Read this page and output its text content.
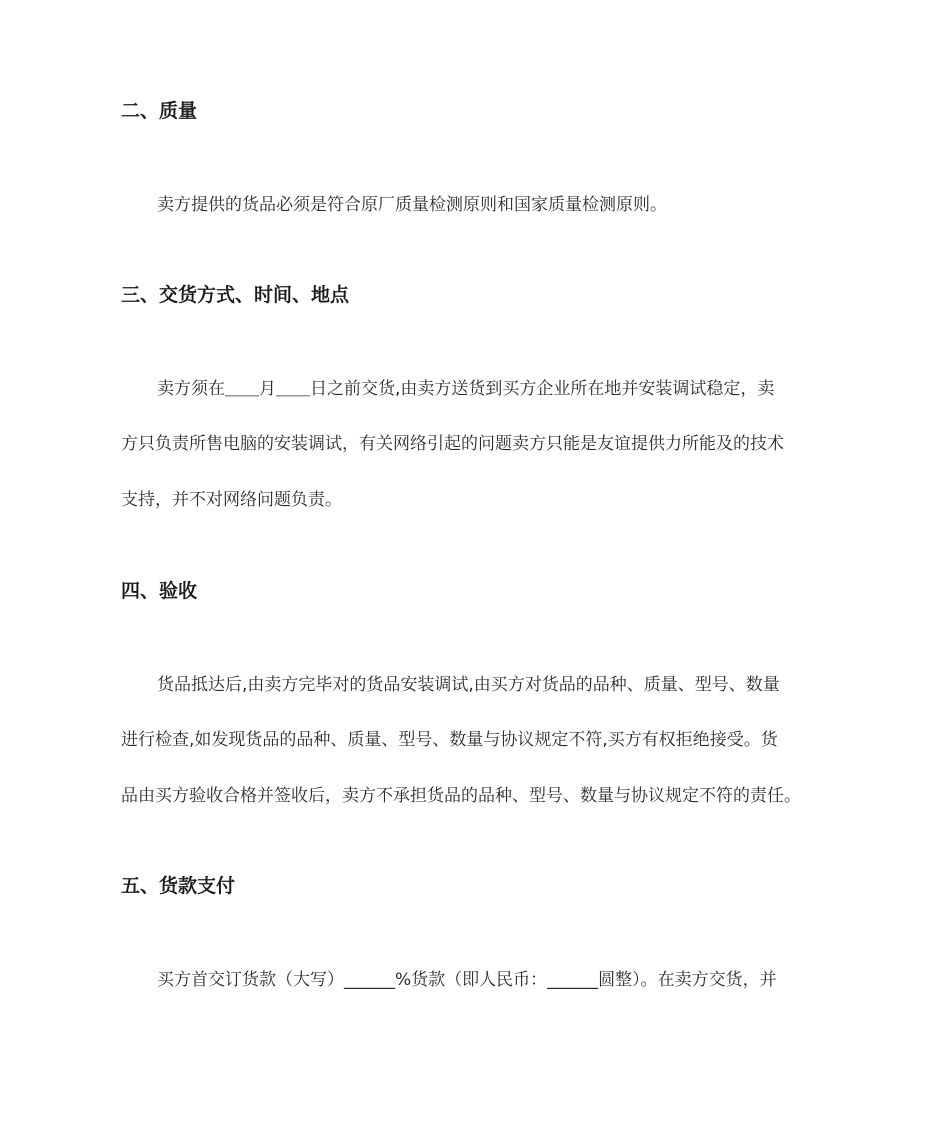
二、质量
卖方提供的货品必须是符合原厂质量检测原则和国家质量检测原则。
三、交货方式、时间、地点
卖方须在＿＿月＿＿日之前交货,由卖方送货到买方企业所在地并安装调试稳定，卖
方只负责所售电脑的安装调试，有关网络引起的问题卖方只能是友谊提供力所能及的技术
支持，并不对网络问题负责。
四、验收
货品抵达后,由卖方完毕对的货品安装调试,由买方对货品的品种、质量、型号、数量
进行检查,如发现货品的品种、质量、型号、数量与协议规定不符,买方有权拒绝接受。货
品由买方验收合格并签收后，卖方不承担货品的品种、型号、数量与协议规定不符的责任。
五、货款支付
买方首交订货款（大写）______%货款（即人民币：______圆整）。在卖方交货，并
